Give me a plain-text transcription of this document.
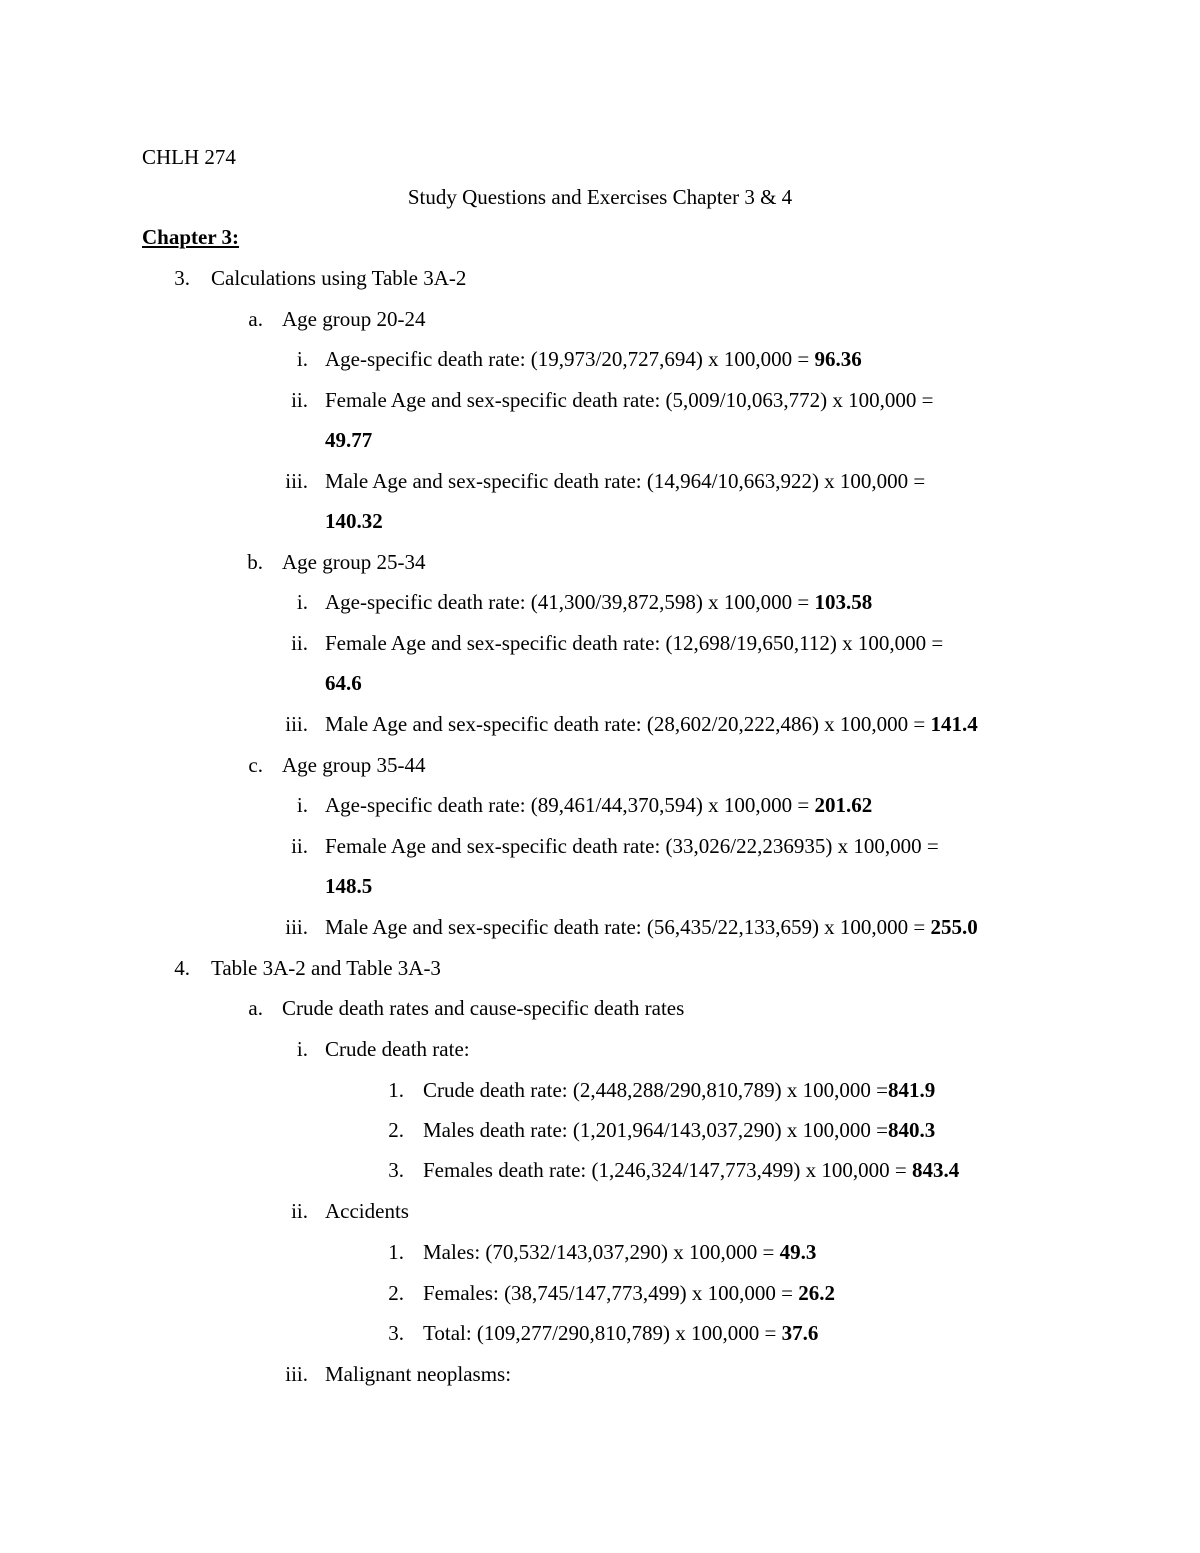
CHLH 274
Study Questions and Exercises Chapter 3 & 4
Chapter 3:
3. Calculations using Table 3A-2
a. Age group 20-24
i. Age-specific death rate: (19,973/20,727,694) x 100,000 = 96.36
ii. Female Age and sex-specific death rate: (5,009/10,063,772) x 100,000 =
49.77
iii. Male Age and sex-specific death rate: (14,964/10,663,922) x 100,000 =
140.32
b. Age group 25-34
i. Age-specific death rate: (41,300/39,872,598) x 100,000 = 103.58
ii. Female Age and sex-specific death rate: (12,698/19,650,112) x 100,000 =
64.6
iii. Male Age and sex-specific death rate: (28,602/20,222,486) x 100,000 = 141.4
c. Age group 35-44
i. Age-specific death rate: (89,461/44,370,594) x 100,000 = 201.62
ii. Female Age and sex-specific death rate: (33,026/22,236935) x 100,000 =
148.5
iii. Male Age and sex-specific death rate: (56,435/22,133,659) x 100,000 = 255.0
4. Table 3A-2 and Table 3A-3
a. Crude death rates and cause-specific death rates
i. Crude death rate:
1. Crude death rate: (2,448,288/290,810,789) x 100,000 =841.9
2. Males death rate: (1,201,964/143,037,290) x 100,000 =840.3
3. Females death rate: (1,246,324/147,773,499) x 100,000 = 843.4
ii. Accidents
1. Males: (70,532/143,037,290) x 100,000 = 49.3
2. Females: (38,745/147,773,499) x 100,000 = 26.2
3. Total: (109,277/290,810,789) x 100,000 = 37.6
iii. Malignant neoplasms:
